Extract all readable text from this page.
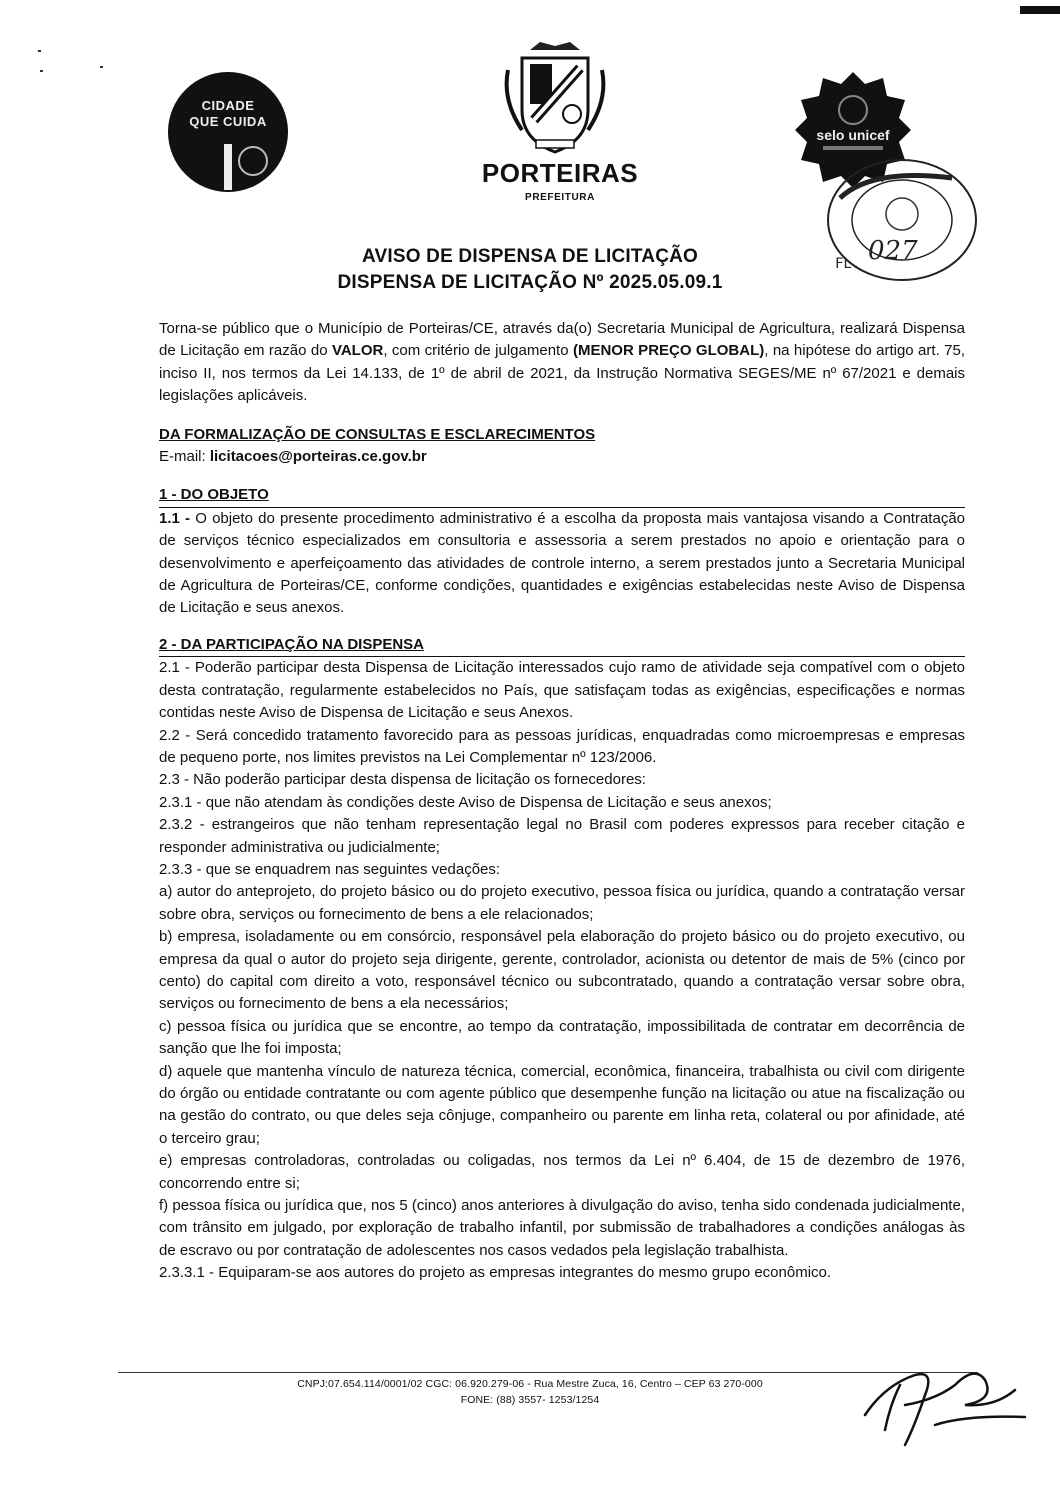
CIDADE
QUE CUIDA
PORTEIRAS
PREFEITURA
selo unicef
FL. 027
AVISO DE DISPENSA DE LICITAÇÃO
DISPENSA DE LICITAÇÃO Nº 2025.05.09.1

Torna-se público que o Município de Porteiras/CE, através da(o) Secretaria Municipal de Agricultura, realizará Dispensa de Licitação em razão do VALOR, com critério de julgamento (MENOR PREÇO GLOBAL), na hipótese do artigo art. 75, inciso II, nos termos da Lei 14.133, de 1º de abril de 2021, da Instrução Normativa SEGES/ME nº 67/2021 e demais legislações aplicáveis.

DA FORMALIZAÇÃO DE CONSULTAS E ESCLARECIMENTOS

E-mail: licitacoes@porteiras.ce.gov.br

1 - DO OBJETO

1.1 - O objeto do presente procedimento administrativo é a escolha da proposta mais vantajosa visando a Contratação de serviços técnico especializados em consultoria e assessoria a serem prestados no apoio e orientação para o desenvolvimento e aperfeiçoamento das atividades de controle interno, a serem prestados junto a Secretaria Municipal de Agricultura de Porteiras/CE, conforme condições, quantidades e exigências estabelecidas neste Aviso de Dispensa de Licitação e seus anexos.

2 - DA PARTICIPAÇÃO NA DISPENSA

2.1 - Poderão participar desta Dispensa de Licitação interessados cujo ramo de atividade seja compatível com o objeto desta contratação, regularmente estabelecidos no País, que satisfaçam todas as exigências, especificações e normas contidas neste Aviso de Dispensa de Licitação e seus Anexos.

2.2 - Será concedido tratamento favorecido para as pessoas jurídicas, enquadradas como microempresas e empresas de pequeno porte, nos limites previstos na Lei Complementar nº 123/2006.

2.3 - Não poderão participar desta dispensa de licitação os fornecedores:

2.3.1 - que não atendam às condições deste Aviso de Dispensa de Licitação e seus anexos;

2.3.2 - estrangeiros que não tenham representação legal no Brasil com poderes expressos para receber citação e responder administrativa ou judicialmente;

2.3.3 - que se enquadrem nas seguintes vedações:

a) autor do anteprojeto, do projeto básico ou do projeto executivo, pessoa física ou jurídica, quando a contratação versar sobre obra, serviços ou fornecimento de bens a ele relacionados;

b) empresa, isoladamente ou em consórcio, responsável pela elaboração do projeto básico ou do projeto executivo, ou empresa da qual o autor do projeto seja dirigente, gerente, controlador, acionista ou detentor de mais de 5% (cinco por cento) do capital com direito a voto, responsável técnico ou subcontratado, quando a contratação versar sobre obra, serviços ou fornecimento de bens a ela necessários;

c) pessoa física ou jurídica que se encontre, ao tempo da contratação, impossibilitada de contratar em decorrência de sanção que lhe foi imposta;

d) aquele que mantenha vínculo de natureza técnica, comercial, econômica, financeira, trabalhista ou civil com dirigente do órgão ou entidade contratante ou com agente público que desempenhe função na licitação ou atue na fiscalização ou na gestão do contrato, ou que deles seja cônjuge, companheiro ou parente em linha reta, colateral ou por afinidade, até o terceiro grau;

e) empresas controladoras, controladas ou coligadas, nos termos da Lei nº 6.404, de 15 de dezembro de 1976, concorrendo entre si;

f) pessoa física ou jurídica que, nos 5 (cinco) anos anteriores à divulgação do aviso, tenha sido condenada judicialmente, com trânsito em julgado, por exploração de trabalho infantil, por submissão de trabalhadores a condições análogas às de escravo ou por contratação de adolescentes nos casos vedados pela legislação trabalhista.

2.3.3.1 - Equiparam-se aos autores do projeto as empresas integrantes do mesmo grupo econômico.

CNPJ:07.654.114/0001/02 CGC: 06.920.279-06 - Rua Mestre Zuca, 16, Centro – CEP 63 270-000
FONE: (88) 3557- 1253/1254
